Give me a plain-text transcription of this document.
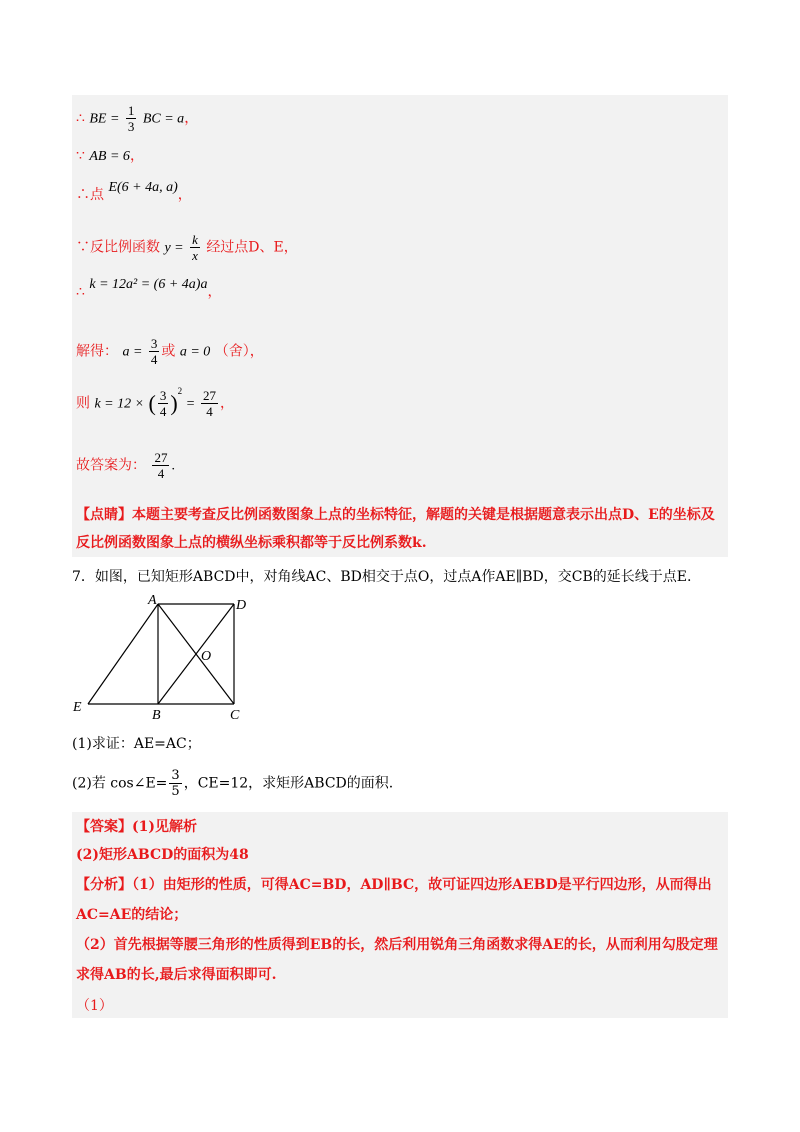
∴ BE = $\frac{1}{3}$ BC = a，
∵ AB = 6，
∴点 E(6 + 4a, a)，
∵反比例函数 $y = \frac{k}{x}$ 经过点D、E，
∴ k = 12a² = (6 + 4a)a，
解得： $a = \frac{3}{4}$ 或 a = 0 （舍），
则 k = 12 × ( $\frac{3}{4} )^2 = \frac{27}{4}$ ，
故答案为： $\frac{27}{4}$ .
【点睛】本题主要考查反比例函数图象上点的坐标特征，解题的关键是根据题意表示出点D、E的坐标及
反比例函数图象上点的横纵坐标乘积都等于反比例系数k.
7．如图，已知矩形ABCD中，对角线AC、BD相交于点O，过点A作AE∥BD，交CB的延长线于点E.
A	D
O
E
B	C
(1)求证：AE=AC；
(2)若 cos∠E= $\frac{3}{5}$ ，CE=12，求矩形ABCD的面积.
【答案】(1)见解析
(2)矩形ABCD的面积为48
【分析】（1）由矩形的性质，可得AC=BD，AD∥BC，故可证四边形AEBD是平行四边形，从而得出
AC=AE的结论；
（2）首先根据等腰三角形的性质得到EB的长，然后利用锐角三角函数求得AE的长，从而利用勾股定理
求得AB的长,最后求得面积即可.
（1）
